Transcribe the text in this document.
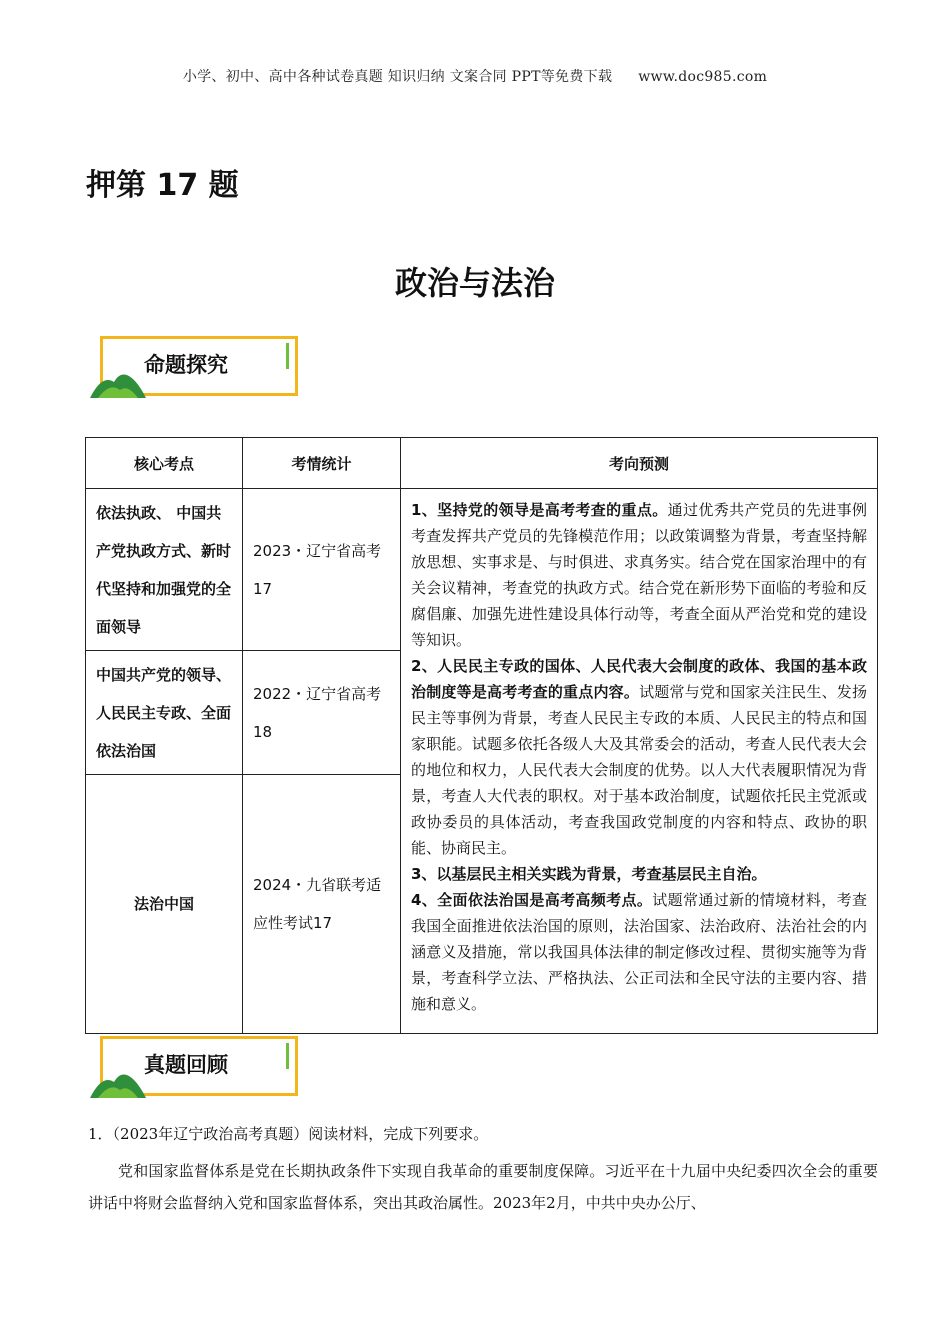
小学、初中、高中各种试卷真题 知识归纳 文案合同 PPT等免费下载 www.doc985.com
押第 17 题
政治与法治
命题探究
核心考点	考情统计	考向预测
依法执政、 中国共产党执政方式、新时代坚持和加强党的全面领导	2023・辽宁省高考17	1、坚持党的领导是高考考查的重点。通过优秀共产党员的先进事例考查发挥共产党员的先锋模范作用；以政策调整为背景，考查坚持解放思想、实事求是、与时俱进、求真务实。结合党在国家治理中的有关会议精神，考查党的执政方式。结合党在新形势下面临的考验和反腐倡廉、加强先进性建设具体行动等，考查全面从严治党和党的建设等知识。

2、人民民主专政的国体、人民代表大会制度的政体、我国的基本政治制度等是高考考查的重点内容。试题常与党和国家关注民生、发扬民主等事例为背景，考查人民民主专政的本质、人民民主的特点和国家职能。试题多依托各级人大及其常委会的活动，考查人民代表大会的地位和权力，人民代表大会制度的优势。以人大代表履职情况为背景，考查人大代表的职权。对于基本政治制度，试题依托民主党派或政协委员的具体活动，考查我国政党制度的内容和特点、政协的职能、协商民主。

3、以基层民主相关实践为背景，考查基层民主自治。

4、全面依法治国是高考高频考点。试题常通过新的情境材料，考查我国全面推进依法治国的原则，法治国家、法治政府、法治社会的内涵意义及措施，常以我国具体法律的制定修改过程、贯彻实施等为背景，考查科学立法、严格执法、公正司法和全民守法的主要内容、措施和意义。

中国共产党的领导、人民民主专政、全面依法治国	2022・辽宁省高考18	
法治中国	2024・九省联考适应性考试17	
真题回顾
1．（2023年辽宁政治高考真题）阅读材料，完成下列要求。
党和国家监督体系是党在长期执政条件下实现自我革命的重要制度保障。习近平在十九届中央纪委四次全会的重要讲话中将财会监督纳入党和国家监督体系，突出其政治属性。2023年2月，中共中央办公厅、
